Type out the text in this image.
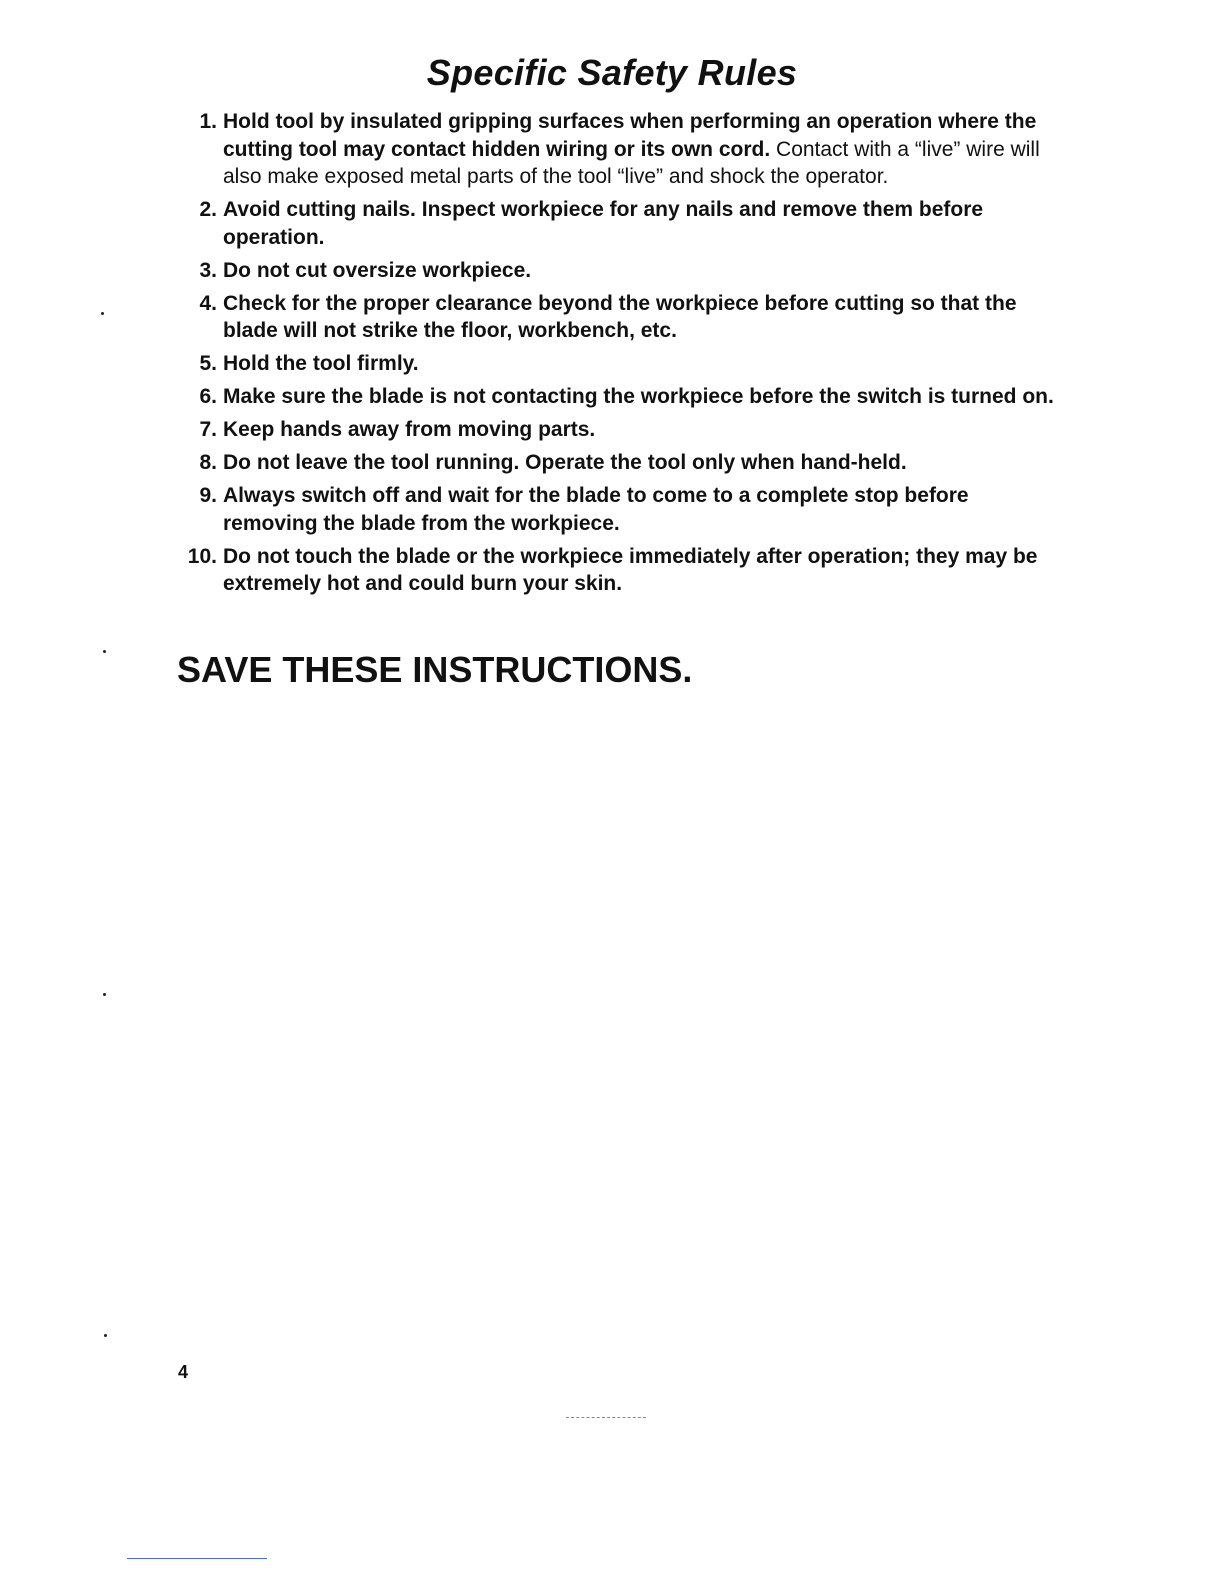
Specific Safety Rules
1. Hold tool by insulated gripping surfaces when performing an operation where the cutting tool may contact hidden wiring or its own cord. Contact with a “live” wire will also make exposed metal parts of the tool “live” and shock the operator.
2. Avoid cutting nails. Inspect workpiece for any nails and remove them before operation.
3. Do not cut oversize workpiece.
4. Check for the proper clearance beyond the workpiece before cutting so that the blade will not strike the floor, workbench, etc.
5. Hold the tool firmly.
6. Make sure the blade is not contacting the workpiece before the switch is turned on.
7. Keep hands away from moving parts.
8. Do not leave the tool running. Operate the tool only when hand-held.
9. Always switch off and wait for the blade to come to a complete stop before removing the blade from the workpiece.
10. Do not touch the blade or the workpiece immediately after operation; they may be extremely hot and could burn your skin.
SAVE THESE INSTRUCTIONS.
4
